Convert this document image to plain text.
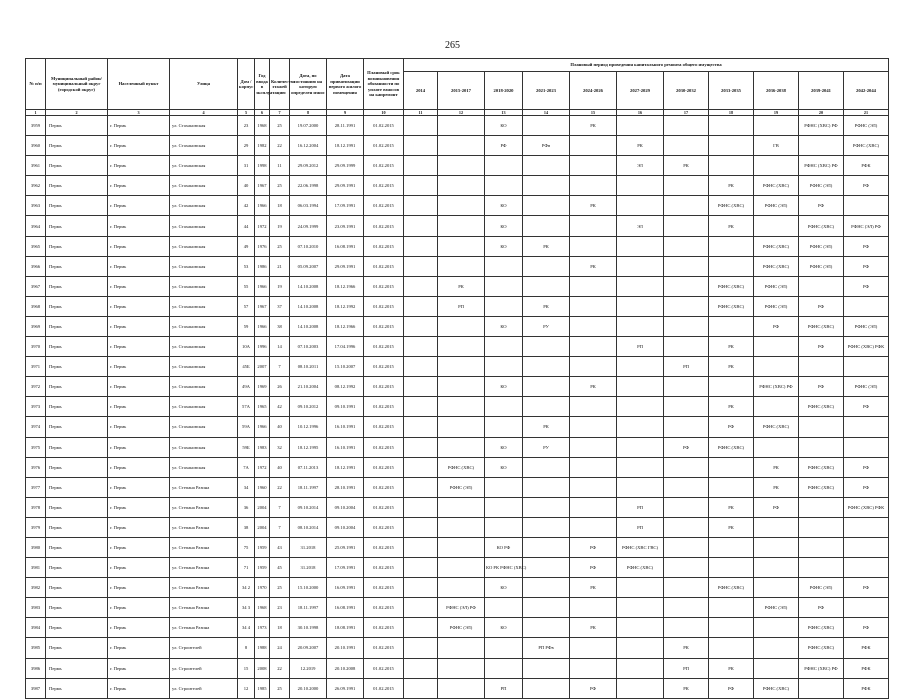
265
№ п/п	Муниципальный район/ муниципальный округ (городской округ)	Населенный пункт	Улица	Дом / корпус	Год ввода в эксплуатацию	Количество этажей	Дата, по состоянию на которую определен износ	Дата приватизации первого жилого помещения	Плановый срок возникновения обязанности по уплате взносов на капремонт	Плановый период проведения капитального ремонта общего имущества										
										2014	2015-2017	2018-2020	2021-2023	2024-2026	2027-2029	2030-2032	2033-2035	2036-2038	2039-2041	2042-2044
1	2	3	4	5	6	7	8	9	10	11	12	13	14	15	16	17	18	19	20	21
3959	Пермь	г. Пермь	ул. Стахановская	23	1968	25	19.07.2000	28.11.1991	01.02.2015			КО		РК					РФНС (ХВС) РФ	РФНС (ЭЛ)
3960	Пермь	г. Пермь	ул. Стахановская	29	1982	22	16.12.2004	18.12.1991	01.02.2015			РФ	РФв		РК			ГВ		РФНС (ХВС)
3961	Пермь	г. Пермь	ул. Стахановская	31	1998	11	29.09.2012	29.09.1999	01.02.2015						ЭЛ	РК			РФНС (ХВС) РФ	РФК
3962	Пермь	г. Пермь	ул. Стахановская	40	1967	25	22.06.1998	29.09.1991	01.02.2015								РК	РФНС (ХВС)	РФНС (ЭЛ)	РФ
3963	Пермь	г. Пермь	ул. Стахановская	42	1966	18	06.03.1994	17.09.1991	01.02.2015			КО		РК			РФНС (ХВС)	РФНС (ЭЛ)	РФ	
3964	Пермь	г. Пермь	ул. Стахановская	44	1972	19	24.09.1999	23.09.1991	01.02.2015			КО			ЭЛ		РК		РФНС (ХВС)	РФНС (ЭЛ) РФ
3965	Пермь	г. Пермь	ул. Стахановская	49	1976	25	07.10.2010	16.08.1991	01.02.2015			КО	РК					РФНС (ХВС)	РФНС (ЭЛ)	РФ
3966	Пермь	г. Пермь	ул. Стахановская	53	1986	21	05.09.2007	29.09.1991	01.02.2015					РК				РФНС (ХВС)	РФНС (ЭЛ)	РФ
3967	Пермь	г. Пермь	ул. Стахановская	55	1966	19	14.10.2008	18.12.1966	01.02.2015		РК						РФНС (ХВС)	РФНС (ЭЛ)		РФ
3968	Пермь	г. Пермь	ул. Стахановская	57	1967	37	14.10.2008	18.12.1992	01.02.2015		РП		РК				РФНС (ХВС)	РФНС (ЭЛ)	РФ	
3969	Пермь	г. Пермь	ул. Стахановская	59	1966	38	14.10.2008	18.12.1966	01.02.2015			КО	РУ					РФ	РФНС (ХВС)	РФНС (ЭЛ)
3970	Пермь	г. Пермь	ул. Стахановская	10А	1996	14	07.10.2003	17.04.1996	01.02.2015						РП		РК		РФ	РФНС (ХВС) РФК
3971	Пермь	г. Пермь	ул. Стахановская	45Б	2007	7	08.10.2011	15.10.2007	01.02.2015							РП	РК			
3972	Пермь	г. Пермь	ул. Стахановская	49А	1969	26	21.10.2004	08.12.1992	01.02.2015			КО		РК				РФНС (ХВС) РФ	РФ	РФНС (ЭЛ)
3973	Пермь	г. Пермь	ул. Стахановская	57А	1965	42	09.10.2012	09.10.1991	01.02.2015								РК		РФНС (ХВС)	РФ
3974	Пермь	г. Пермь	ул. Стахановская	59А	1966	40	10.12.1996	16.10.1991	01.02.2015				РК				РФ	РФНС (ХВС)		
3975	Пермь	г. Пермь	ул. Стахановская	59Б	1983	32	18.12.1995	16.10.1991	01.02.2015			КО	РУ			РФ	РФНС (ХВС)			
3976	Пермь	г. Пермь	ул. Стахановская	7А	1972	40	07.11.2013	18.12.1991	01.02.2015		РФНС (ХВС)	КО						РК	РФНС (ХВС)	РФ
3977	Пермь	г. Пермь	ул. Степана Разина	34	1960	22	18.11.1997	28.10.1991	01.02.2015		РФНС (ЭЛ)							РК	РФНС (ХВС)	РФ
3978	Пермь	г. Пермь	ул. Степана Разина	36	2004	7	09.10.2014	09.10.2004	01.02.2015						РП		РК	РФ		РФНС (ХВС) РФК
3979	Пермь	г. Пермь	ул. Степана Разина	38	2004	7	08.10.2014	09.10.2004	01.02.2015						РП		РК			
3980	Пермь	г. Пермь	ул. Степана Разина	75	1959	43	31.2018	25.09.1991	01.02.2015			КО РФ		РФ	РФНС (ХВС ГВС)					
3981	Пермь	г. Пермь	ул. Степана Разина	71	1959	45	31.2018	17.09.1991	01.02.2015			КО РК РФНС (ХВС)		РФ	РФНС (ХВС)					
3982	Пермь	г. Пермь	ул. Степана Разина	34 2	1970	25	15.10.2000	16.09.1991	01.02.2015			КО		РК			РФНС (ХВС)		РФНС (ЭЛ)	РФ
3983	Пермь	г. Пермь	ул. Степана Разина	34 3	1968	23	18.11.1997	16.08.1991	01.02.2015		РФНС (ЭЛ) РФ							РФНС (ЭЛ)	РФ	
3984	Пермь	г. Пермь	ул. Степана Разина	34 4	1973	18	30.10.1998	18.08.1991	01.02.2015		РФНС (ЭЛ)	КО		РК					РФНС (ХВС)	РФ
3985	Пермь	г. Пермь	ул. Строителей	8	1988	24	20.09.2007	20.10.1991	01.02.2015				РП РФв			РК			РФНС (ХВС)	РФК
3986	Пермь	г. Пермь	ул. Строителей	15	2008	22	12.2019	20.10.2008	01.02.2015							РП	РК		РФНС (ХВС) РФ	РФК
3987	Пермь	г. Пермь	ул. Строителей	12	1985	25	20.10.2000	26.09.1991	01.02.2015			РП		РФ		РК	РФ	РФНС (ХВС)		РФК
